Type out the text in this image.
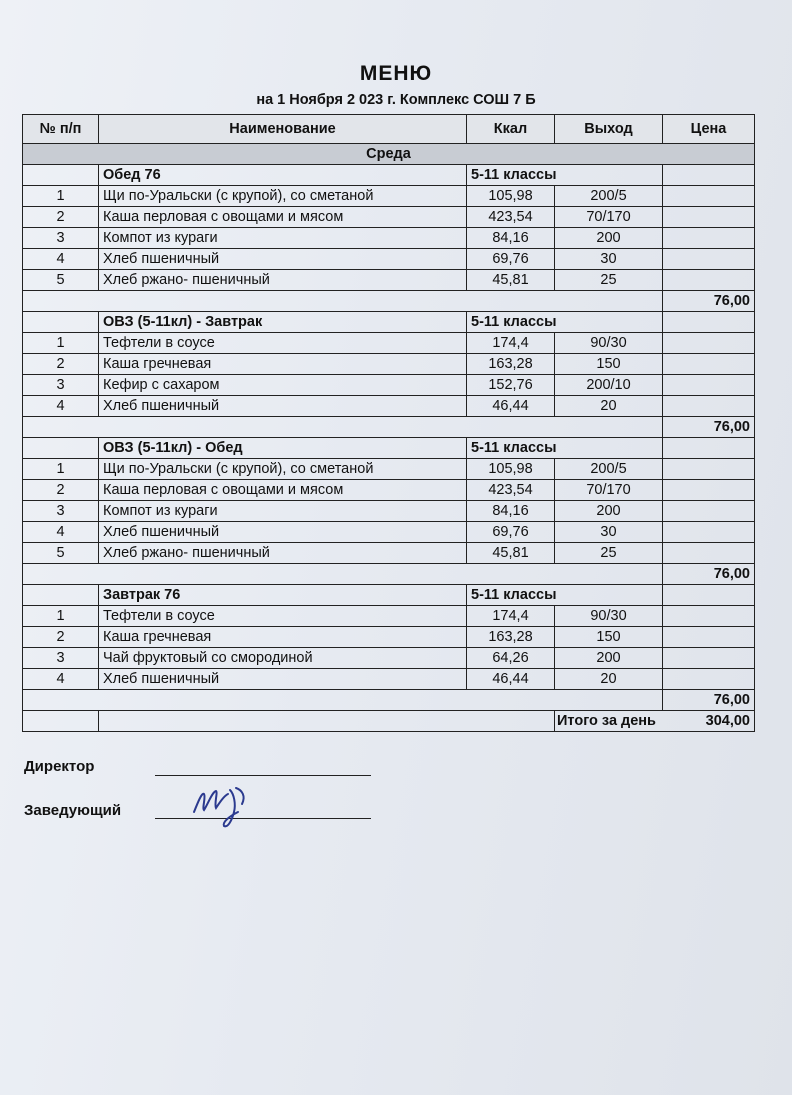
МЕНЮ
на 1 Ноября 2 023 г. Комплекс СОШ 7 Б
№ п/п	Наименование	Ккал	Выход	Цена
Среда				
	Обед 76	5-11 классы		
1	Щи по-Уральски (с крупой), со сметаной	105,98	200/5	
2	Каша перловая с овощами и мясом	423,54	70/170	
3	Компот из кураги	84,16	200	
4	Хлеб пшеничный	69,76	30	
5	Хлеб ржано- пшеничный	45,81	25	
				76,00
	ОВЗ (5-11кл) - Завтрак	5-11 классы		
1	Тефтели в соусе	174,4	90/30	
2	Каша гречневая	163,28	150	
3	Кефир с сахаром	152,76	200/10	
4	Хлеб пшеничный	46,44	20	
				76,00
	ОВЗ (5-11кл) - Обед	5-11 классы		
1	Щи по-Уральски (с крупой), со сметаной	105,98	200/5	
2	Каша перловая с овощами и мясом	423,54	70/170	
3	Компот из кураги	84,16	200	
4	Хлеб пшеничный	69,76	30	
5	Хлеб ржано- пшеничный	45,81	25	
				76,00
	Завтрак 76	5-11 классы		
1	Тефтели в соусе	174,4	90/30	
2	Каша гречневая	163,28	150	
3	Чай фруктовый со смородиной	64,26	200	
4	Хлеб пшеничный	46,44	20	
				76,00
			Итого за день 304,00	
Директор
Заведующий
